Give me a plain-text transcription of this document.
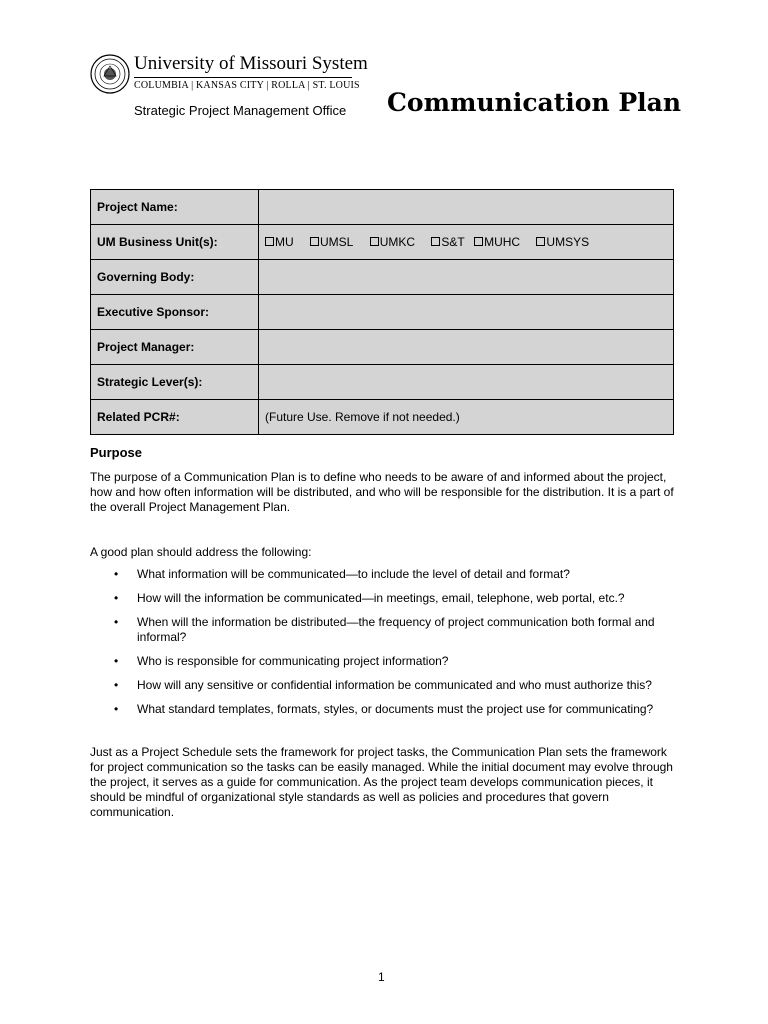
University of Missouri System
COLUMBIA | KANSAS CITY | ROLLA | ST. LOUIS
Strategic Project Management Office Communication Plan
Project Name:	
UM Business Unit(s):	MU UMSL UMKC S&T MUHC UMSYS
Governing Body:	
Executive Sponsor:	
Project Manager:	
Strategic Lever(s):	
Related PCR#:	(Future Use. Remove if not needed.)
Purpose
The purpose of a Communication Plan is to define who needs to be aware of and informed about the project, how and how often information will be distributed, and who will be responsible for the distribution. It is a part of the overall Project Management Plan.
A good plan should address the following:
• What information will be communicated—to include the level of detail and format?
• How will the information be communicated—in meetings, email, telephone, web portal, etc.?
• When will the information be distributed—the frequency of project communication both formal and informal?
• Who is responsible for communicating project information?
• How will any sensitive or confidential information be communicated and who must authorize this?
• What standard templates, formats, styles, or documents must the project use for communicating?
Just as a Project Schedule sets the framework for project tasks, the Communication Plan sets the framework for project communication so the tasks can be easily managed. While the initial document may evolve through the project, it serves as a guide for communication. As the project team develops communication pieces, it should be mindful of organizational style standards as well as policies and procedures that govern communication.
1
